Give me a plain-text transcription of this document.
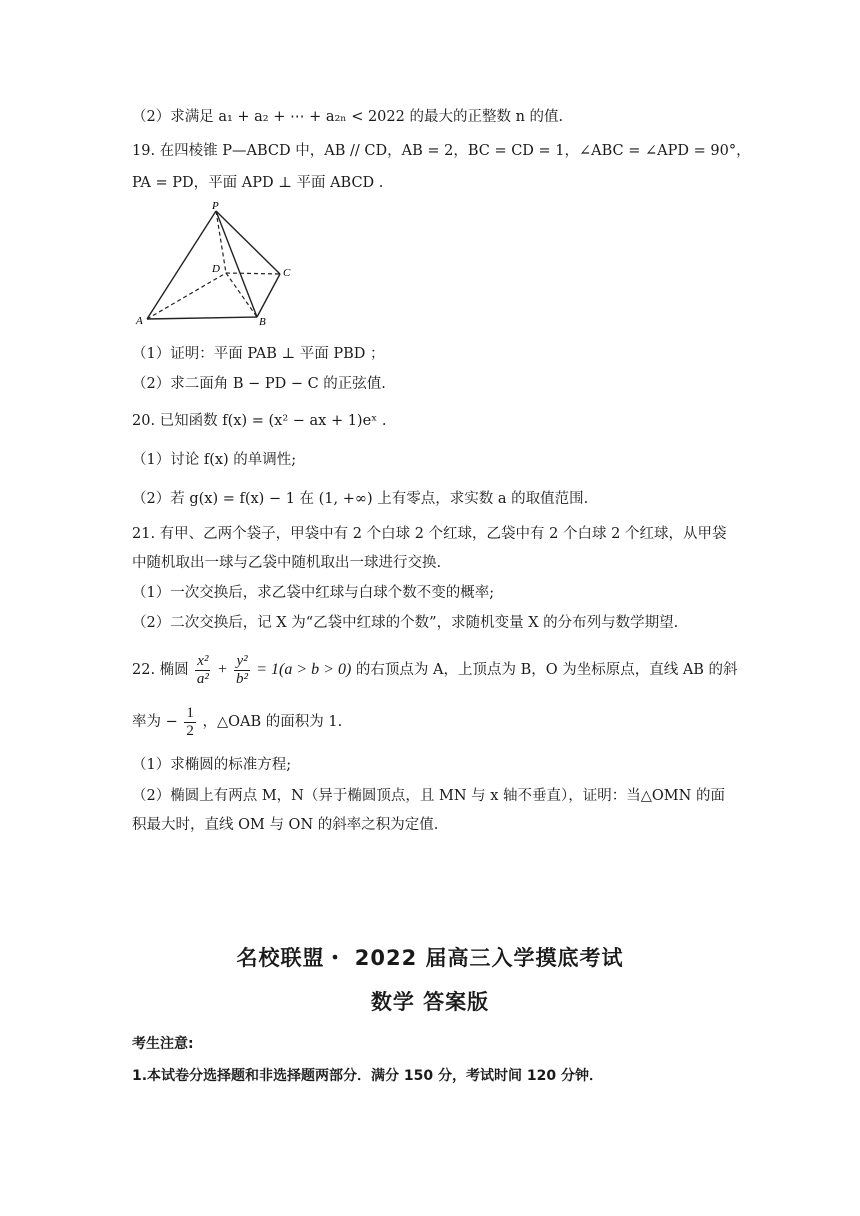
（2）求满足 a₁ + a₂ + ⋯ + a₂ₙ < 2022 的最大的正整数 n 的值.
19. 在四棱锥 P—ABCD 中，AB // CD，AB = 2，BC = CD = 1，∠ABC = ∠APD = 90°，
PA = PD，平面 APD ⊥ 平面 ABCD .
P
D	C
A	B
（1）证明：平面 PAB ⊥ 平面 PBD ；
（2）求二面角 B − PD − C 的正弦值.
20. 已知函数 f(x) = (x² − ax + 1)eˣ .
（1）讨论 f(x) 的单调性;
（2）若 g(x) = f(x) − 1 在 (1, +∞) 上有零点，求实数 a 的取值范围.
21. 有甲、乙两个袋子，甲袋中有 2 个白球 2 个红球，乙袋中有 2 个白球 2 个红球，从甲袋
中随机取出一球与乙袋中随机取出一球进行交换.
（1）一次交换后，求乙袋中红球与白球个数不变的概率;
（2）二次交换后，记 X 为“乙袋中红球的个数”，求随机变量 X 的分布列与数学期望.
22. 椭圆 $\frac{\text{x²}}{\text{a²}} + \frac{\text{y²}}{\text{b²}} = 1(a > b > 0)$ 的右顶点为 A，上顶点为 B，O 为坐标原点，直线 AB 的斜
率为 − $\frac{1}{2}$ ，△OAB 的面积为 1.
（1）求椭圆的标准方程;
（2）椭圆上有两点 M，N（异于椭圆顶点，且 MN 与 x 轴不垂直），证明：当△OMN 的面
积最大时，直线 OM 与 ON 的斜率之积为定值.
名校联盟・ 2022 届高三入学摸底考试
数学 答案版
考生注意:
1.本试卷分选择题和非选择题两部分．满分 150 分，考试时间 120 分钟．
